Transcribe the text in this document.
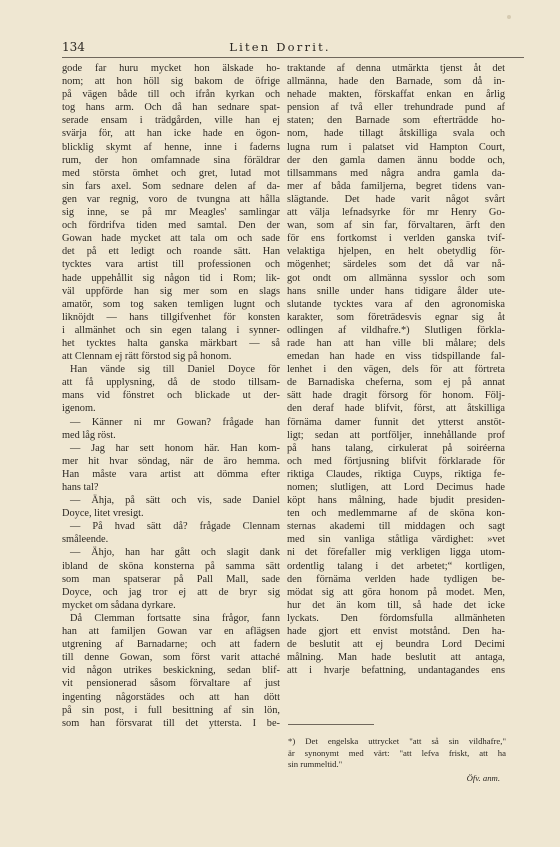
134	Liten Dorrit.
gode far huru mycket hon älskade ho-
nom; att hon höll sig bakom de öfrige
på vägen både till och ifrån kyrkan och
tog hans arm. Och då han sednare spat-
serade ensam i trädgården, ville han ej
svärja för, att han icke hade en ögon-
blicklig skymt af henne, inne i faderns
rum, der hon omfamnade sina föräldrar
med största ömhet och gret, lutad mot
sin fars axel. Som sednare delen af da-
gen var regnig, voro de tvungna att hålla
sig inne, se på mr Meagles' samlingar
och fördrifva tiden med samtal. Den der
Gowan hade mycket att tala om och sade
det på ett ledigt och roande sätt. Han
tycktes vara artist till professionen och
hade uppehållit sig någon tid i Rom; lik-
väl uppförde han sig mer som en slags
amatör, som tog saken temligen lugnt och
liknöjdt — hans tillgifvenhet för konsten
i allmänhet och sin egen talang i synner-
het tycktes halta ganska märkbart — så
att Clennam ej rätt förstod sig på honom.
Han vände sig till Daniel Doyce för
att få upplysning, då de stodo tillsam-
mans vid fönstret och blickade ut der-
igenom.
— Känner ni mr Gowan? frågade han
med låg röst.
— Jag har sett honom här. Han kom-
mer hit hvar söndag, när de äro hemma.
Han måste vara artist att dömma efter
hans tal?
— Ähja, på sätt och vis, sade Daniel
Doyce, litet vresigt.
— På hvad sätt då? frågade Clennam
småleende.
— Ähjo, han har gått och slagit dank
ibland de sköna konsterna på samma sätt
som man spatserar på Pall Mall, sade
Doyce, och jag tror ej att de bryr sig
mycket om sådana dyrkare.
Då Clemman fortsatte sina frågor, fann
han att familjen Gowan var en aflägsen
utgrening af Barnadarne; och att fadern
till denne Gowan, som först varit attaché
vid någon utrikes beskickning, sedan blif-
vit pensionerad såsom förvaltare af just
ingenting någorstädes och att han dött
på sin post, i full besittning af sin lön,
som han försvarat till det yttersta. I be-
traktande af denna utmärkta tjenst åt det
allmänna, hade den Barnade, som då in-
nehade makten, förskaffat enkan en årlig
pension af två eller trehundrade pund af
staten; den Barnade som efterträdde ho-
nom, hade tillagt åtskilliga svala och
lugna rum i palatset vid Hampton Court,
der den gamla damen ännu bodde och,
tillsammans med några andra gamla da-
mer af båda familjerna, begret tidens van-
slägtande. Det hade varit något svårt
att välja lefnadsyrke för mr Henry Go-
wan, som af sin far, förvaltaren, ärft den
för ens fortkomst i verlden ganska tvif-
velaktiga hjelpen, en helt obetydlig för-
mögenhet; särdeles som det då var nå-
got ondt om allmänna sysslor och som
hans snille under hans tidigare ålder ute-
slutande tycktes vara af den agronomiska
karakter, som företrädesvis egnar sig åt
odlingen af vildhafre.*) Slutligen förkla-
rade han att han ville bli målare; dels
emedan han hade en viss tidspillande fal-
lenhet i den vägen, dels för att förtreta
de Barnadiska cheferna, som ej på annat
sätt hade dragit försorg för honom. Följ-
den deraf hade blifvit, först, att åtskilliga
förnäma damer funnit det ytterst anstöt-
ligt; sedan att portföljer, innehållande prof
på hans talang, cirkulerat på soiréerna
och med förtjusning blifvit förklarade för
riktiga Claudes, riktiga Cuyps, riktiga fe-
nomen; slutligen, att Lord Decimus hade
köpt hans målning, hade bjudit presiden-
ten och medlemmarne af de sköna kon-
sternas akademi till middagen och sagt
med sin vanliga ståtliga värdighet: »vet
ni det förefaller mig verkligen ligga utom-
ordentlig talang i det arbetet;“ kortligen,
den förnäma verlden hade tydligen be-
mödat sig att göra honom på modet. Men,
hur det än kom till, så hade det icke
lyckats. Den fördomsfulla allmänheten
hade gjort ett envist motstånd. Den ha-
de beslutit att ej beundra Lord Decimi
målning. Man hade beslutit att antaga,
att i hvarje befattning, undantagandes ens
*) Det engelska uttrycket "att så sin vildhafre,"
är synonymt med värt: "att lefva friskt, att ha
sin rummeltid."
Öfv. anm.
